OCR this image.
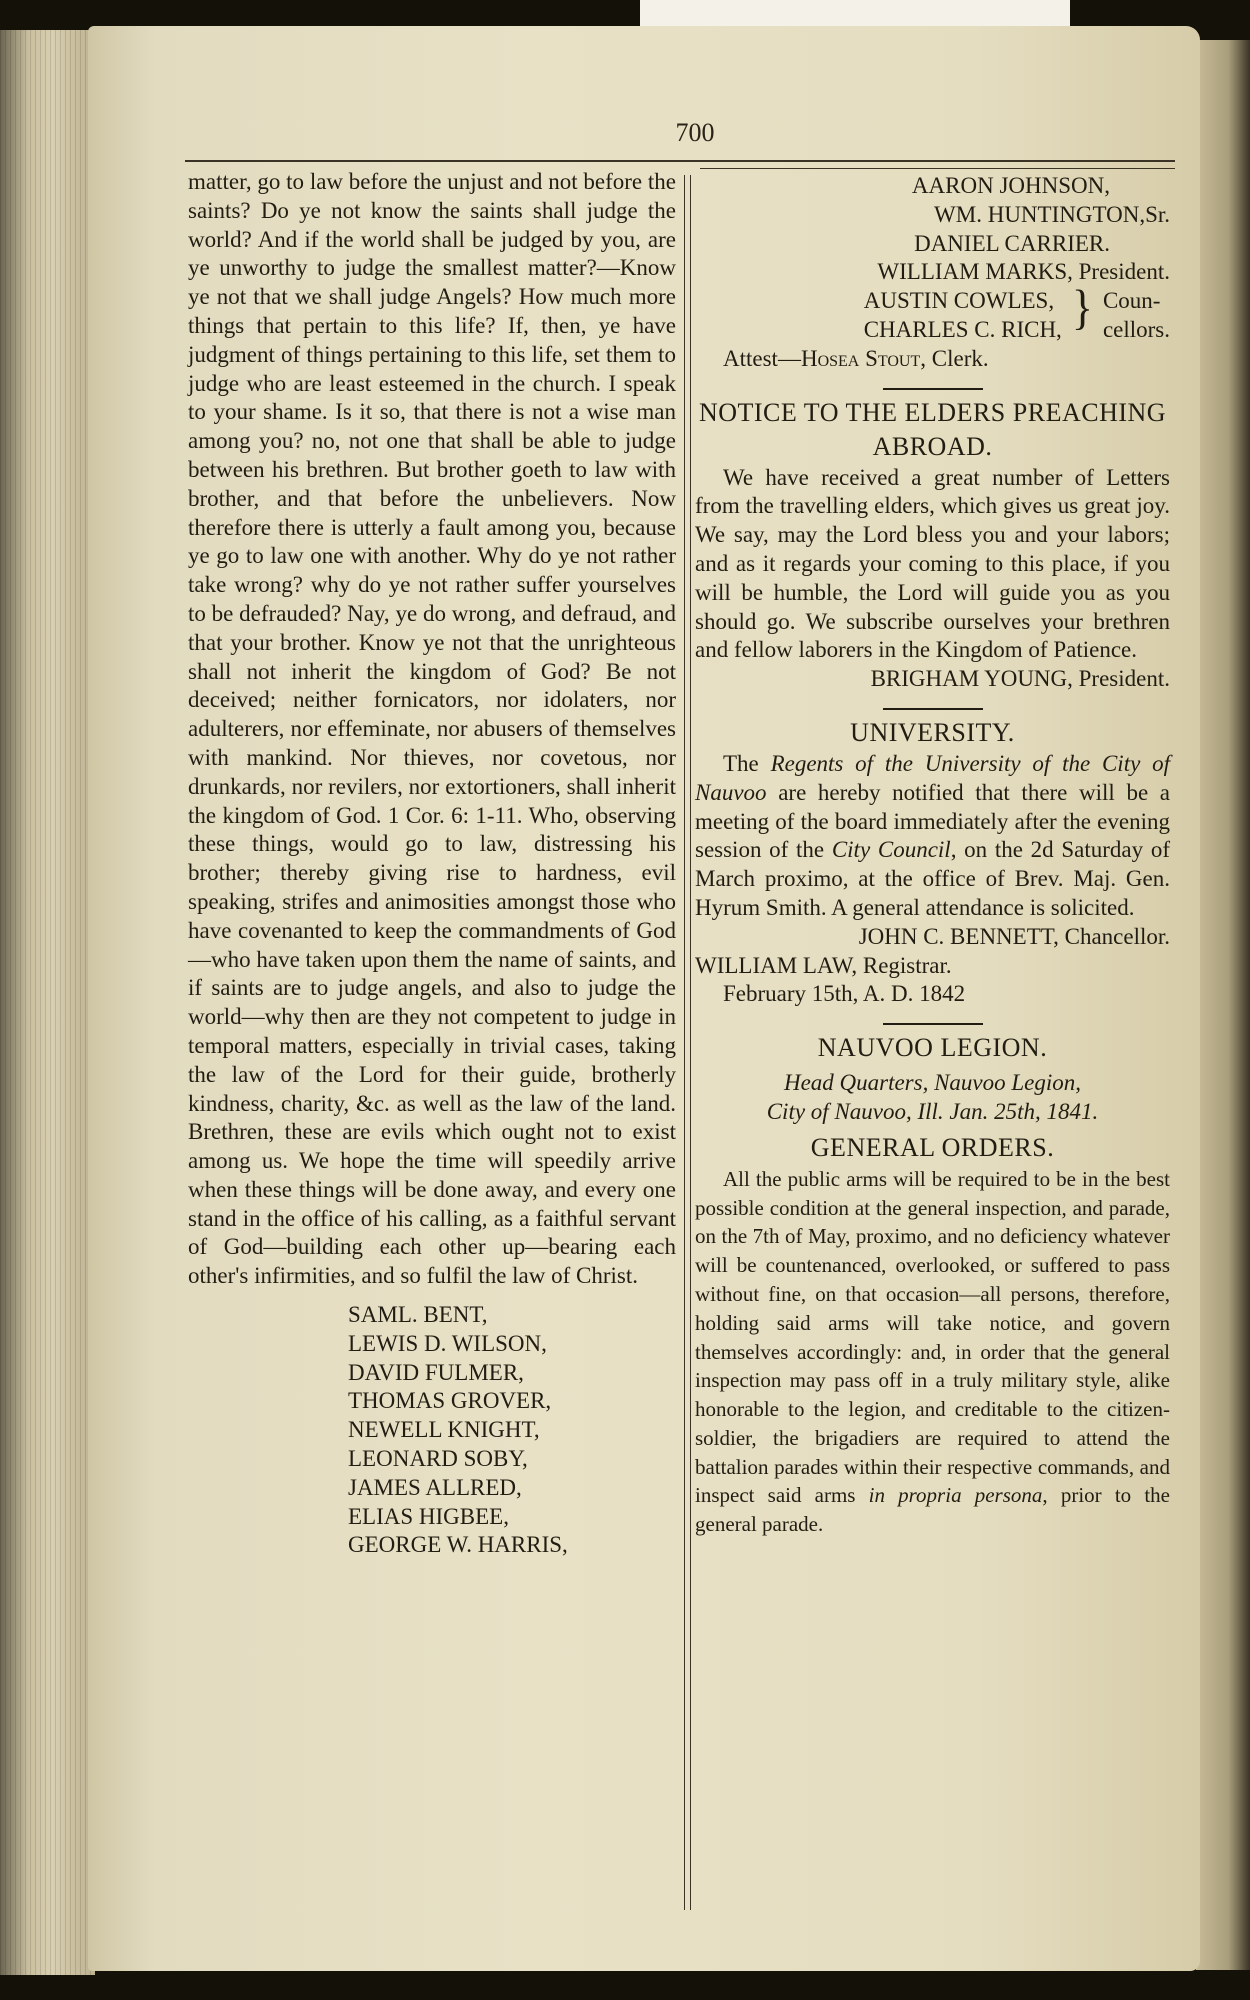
700

matter, go to law before the unjust and not before the saints? Do ye not know the saints shall judge the world? And if the world shall be judged by you, are ye unworthy to judge the smallest matter?—Know ye not that we shall judge Angels? How much more things that pertain to this life? If, then, ye have judgment of things pertaining to this life, set them to judge who are least esteemed in the church. I speak to your shame. Is it so, that there is not a wise man among you? no, not one that shall be able to judge between his brethren. But brother goeth to law with brother, and that before the unbelievers. Now therefore there is utterly a fault among you, because ye go to law one with another. Why do ye not rather take wrong? why do ye not rather suffer yourselves to be defrauded? Nay, ye do wrong, and defraud, and that your brother. Know ye not that the unrighteous shall not inherit the kingdom of God? Be not deceived; neither fornicators, nor idolaters, nor adulterers, nor effeminate, nor abusers of themselves with mankind. Nor thieves, nor covetous, nor drunkards, nor revilers, nor extortioners, shall inherit the kingdom of God. 1 Cor. 6: 1-11. Who, observing these things, would go to law, distressing his brother; thereby giving rise to hardness, evil speaking, strifes and animosities amongst those who have covenanted to keep the commandments of God—who have taken upon them the name of saints, and if saints are to judge angels, and also to judge the world—why then are they not competent to judge in temporal matters, especially in trivial cases, taking the law of the Lord for their guide, brotherly kindness, charity, &c. as well as the law of the land. Brethren, these are evils which ought not to exist among us. We hope the time will speedily arrive when these things will be done away, and every one stand in the office of his calling, as a faithful servant of God—building each other up—bearing each other's infirmities, and so fulfil the law of Christ.

SAML. BENT,
LEWIS D. WILSON,
DAVID FULMER,
THOMAS GROVER,
NEWELL KNIGHT,
LEONARD SOBY,
JAMES ALLRED,
ELIAS HIGBEE,
GEORGE W. HARRIS,
AARON JOHNSON,
WM. HUNTINGTON,Sr.
DANIEL CARRIER.
WILLIAM MARKS, President.
AUSTIN COWLES,
CHARLES C. RICH, } Coun-
cellors.
Attest—Hosea Stout, Clerk.

NOTICE TO THE ELDERS PREACHING ABROAD.

We have received a great number of Letters from the travelling elders, which gives us great joy. We say, may the Lord bless you and your labors; and as it regards your coming to this place, if you will be humble, the Lord will guide you as you should go. We subscribe ourselves your brethren and fellow laborers in the Kingdom of Patience.

BRIGHAM YOUNG, President.

UNIVERSITY.

The Regents of the University of the City of Nauvoo are hereby notified that there will be a meeting of the board immediately after the evening session of the City Council, on the 2d Saturday of March proximo, at the office of Brev. Maj. Gen. Hyrum Smith. A general attendance is solicited.

JOHN C. BENNETT, Chancellor.

WILLIAM LAW, Registrar.

February 15th, A. D. 1842

NAUVOO LEGION.

Head Quarters, Nauvoo Legion,
City of Nauvoo, Ill. Jan. 25th, 1841.

GENERAL ORDERS.

All the public arms will be required to be in the best possible condition at the general inspection, and parade, on the 7th of May, proximo, and no deficiency whatever will be countenanced, overlooked, or suffered to pass without fine, on that occasion—all persons, therefore, holding said arms will take notice, and govern themselves accordingly: and, in order that the general inspection may pass off in a truly military style, alike honorable to the legion, and creditable to the citizen-soldier, the brigadiers are required to attend the battalion parades within their respective commands, and inspect said arms in propria persona, prior to the general parade.
